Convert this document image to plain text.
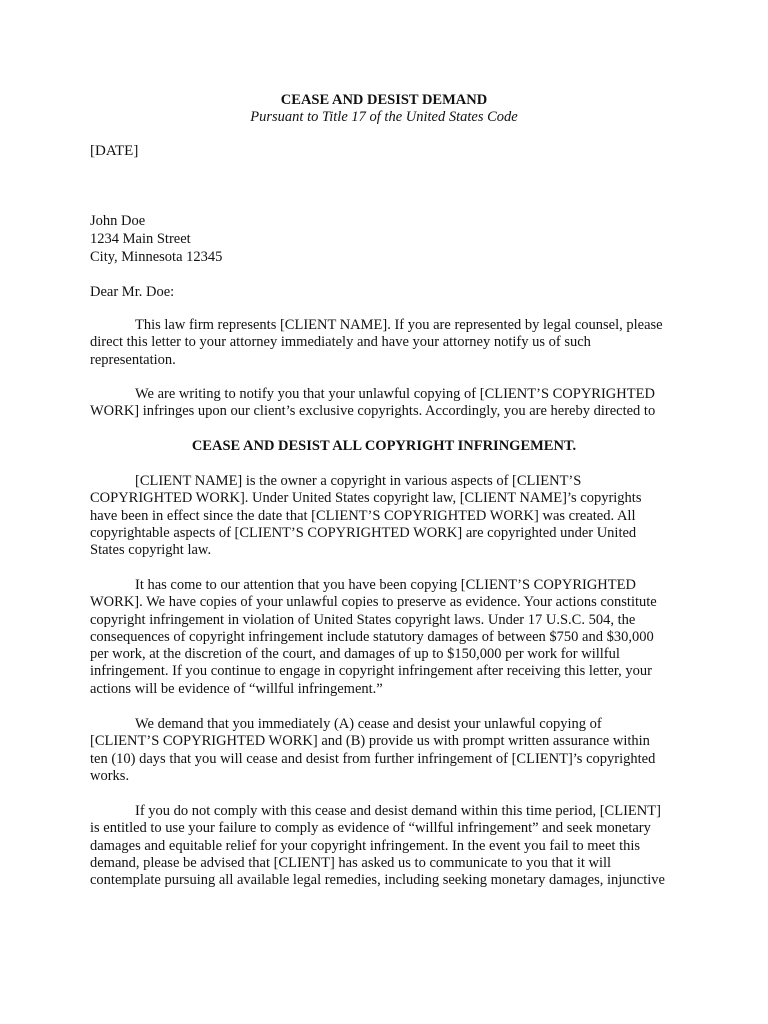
CEASE AND DESIST DEMAND
Pursuant to Title 17 of the United States Code
[DATE]
John Doe
1234 Main Street
City, Minnesota 12345
Dear Mr. Doe:
This law firm represents [CLIENT NAME]. If you are represented by legal counsel, please
direct this letter to your attorney immediately and have your attorney notify us of such
representation.
We are writing to notify you that your unlawful copying of [CLIENT’S COPYRIGHTED
WORK] infringes upon our client’s exclusive copyrights. Accordingly, you are hereby directed to
CEASE AND DESIST ALL COPYRIGHT INFRINGEMENT.
[CLIENT NAME] is the owner a copyright in various aspects of [CLIENT’S
COPYRIGHTED WORK]. Under United States copyright law, [CLIENT NAME]’s copyrights
have been in effect since the date that [CLIENT’S COPYRIGHTED WORK] was created. All
copyrightable aspects of [CLIENT’S COPYRIGHTED WORK] are copyrighted under United
States copyright law.
It has come to our attention that you have been copying [CLIENT’S COPYRIGHTED
WORK]. We have copies of your unlawful copies to preserve as evidence. Your actions constitute
copyright infringement in violation of United States copyright laws. Under 17 U.S.C. 504, the
consequences of copyright infringement include statutory damages of between $750 and $30,000
per work, at the discretion of the court, and damages of up to $150,000 per work for willful
infringement. If you continue to engage in copyright infringement after receiving this letter, your
actions will be evidence of “willful infringement.”
We demand that you immediately (A) cease and desist your unlawful copying of
[CLIENT’S COPYRIGHTED WORK] and (B) provide us with prompt written assurance within
ten (10) days that you will cease and desist from further infringement of [CLIENT]’s copyrighted
works.
If you do not comply with this cease and desist demand within this time period, [CLIENT]
is entitled to use your failure to comply as evidence of “willful infringement” and seek monetary
damages and equitable relief for your copyright infringement. In the event you fail to meet this
demand, please be advised that [CLIENT] has asked us to communicate to you that it will
contemplate pursuing all available legal remedies, including seeking monetary damages, injunctive
